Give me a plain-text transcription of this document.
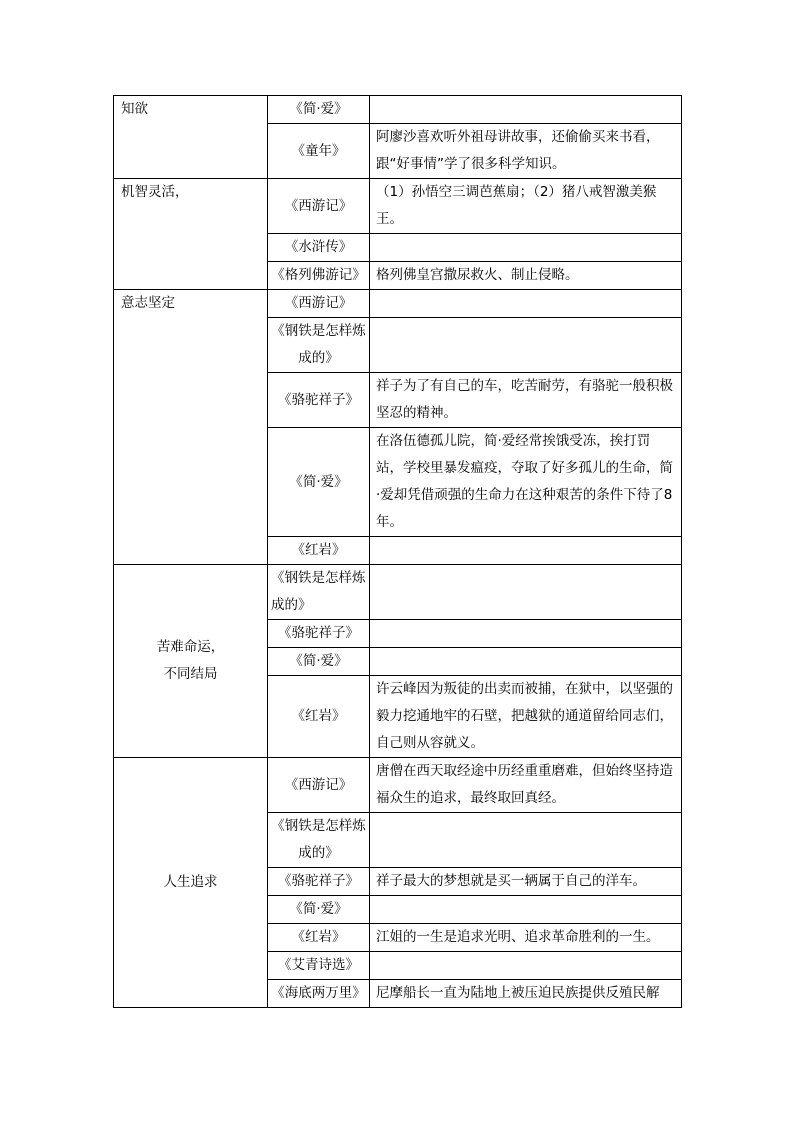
知欲	《简·爱》	
	《童年》	阿廖沙喜欢听外祖母讲故事，还偷偷买来书看，跟“好事情”学了很多科学知识。
机智灵活，	《西游记》	（1）孙悟空三调芭蕉扇；（2）猪八戒智激美猴王。
	《水浒传》	
	《格列佛游记》	格列佛皇宫撒尿救火、制止侵略。
意志坚定	《西游记》	
	《钢铁是怎样炼成的》	
	《骆驼祥子》	祥子为了有自己的车，吃苦耐劳，有骆驼一般积极坚忍的精神。
	《简·爱》	在洛伍德孤儿院，简·爱经常挨饿受冻，挨打罚站，学校里暴发瘟疫，夺取了好多孤儿的生命，简·爱却凭借顽强的生命力在这种艰苦的条件下待了8年。
	《红岩》	
苦难命运，不同结局	《钢铁是怎样炼成的》	
	《骆驼祥子》	
	《简·爱》	
	《红岩》	许云峰因为叛徒的出卖而被捕，在狱中，以坚强的毅力挖通地牢的石壁，把越狱的通道留给同志们，自己则从容就义。
人生追求	《西游记》	唐僧在西天取经途中历经重重磨难，但始终坚持造福众生的追求，最终取回真经。
	《钢铁是怎样炼成的》	
	《骆驼祥子》	祥子最大的梦想就是买一辆属于自己的洋车。
	《简·爱》	
	《红岩》	江姐的一生是追求光明、追求革命胜利的一生。
	《艾青诗选》	
	《海底两万里》	尼摩船长一直为陆地上被压迫民族提供反殖民解
